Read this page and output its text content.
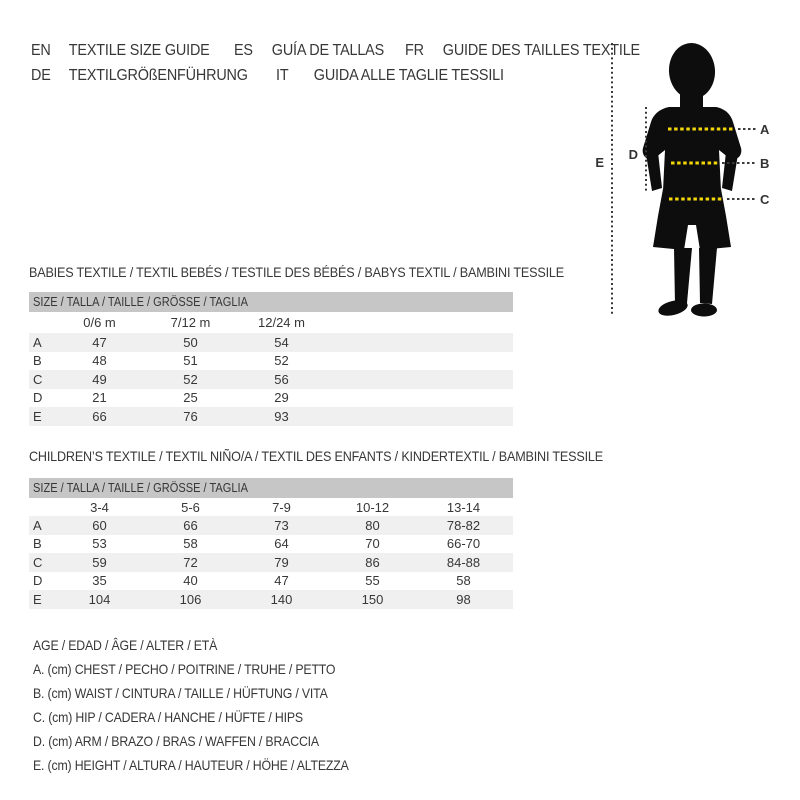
EN TEXTILE SIZE GUIDE ES GUÍA DE TALLAS FR GUIDE DES TAILLES TEXTILE DE TEXTILGRÖßENFÜHRUNG IT GUIDA ALLE TAGLIE TESSILI
E
D
A
B
C
BABIES TEXTILE / TEXTIL BEBÉS / TESTILE DES BÉBÉS / BABYS TEXTIL / BAMBINI TESSILE
SIZE / TALLA / TAILLE / GRÖSSE / TAGLIA
0/6 m	7/12 m	12/24 m
A	47	50	54
B	48	51	52
C	49	52	56
D	21	25	29
E	66	76	93
CHILDREN’S TEXTILE / TEXTIL NIÑO/A / TEXTIL DES ENFANTS / KINDERTEXTIL / BAMBINI TESSILE
SIZE / TALLA / TAILLE / GRÖSSE / TAGLIA
3-4	5-6	7-9	10-12	13-14
A	60	66	73	80	78-82
B	53	58	64	70	66-70
C	59	72	79	86	84-88
D	35	40	47	55	58
E	104	106	140	150	98
AGE / EDAD / ÂGE / ALTER / ETÀ
A. (cm) CHEST / PECHO / POITRINE / TRUHE / PETTO
B. (cm) WAIST / CINTURA / TAILLE / HÜFTUNG / VITA
C. (cm) HIP / CADERA / HANCHE / HÜFTE / HIPS
D. (cm) ARM / BRAZO / BRAS / WAFFEN / BRACCIA
E. (cm) HEIGHT / ALTURA / HAUTEUR / HÖHE / ALTEZZA
